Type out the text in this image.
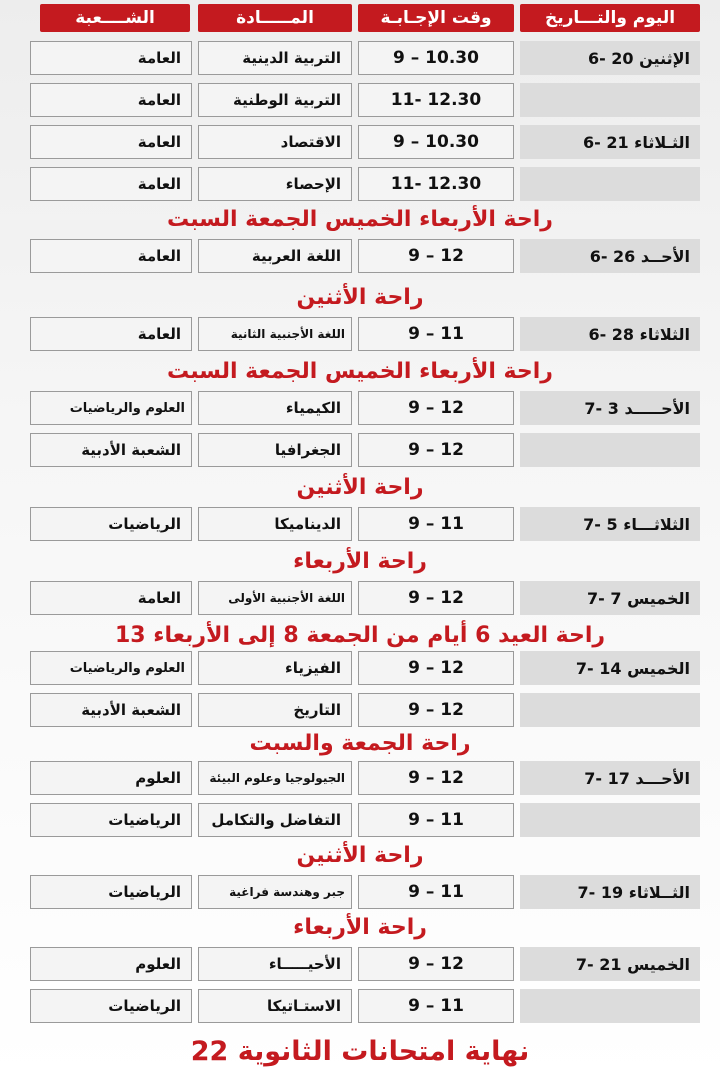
اليوم والتـــاريخ
وقت الإجـابـة
المـــــادة
الشــــعبة
الإثنين 20 -6
9 – 10.30
التربية الدينية
العامة
11- 12.30
التربية الوطنية
العامة
الثـلاثاء 21 -6
9 – 10.30
الاقتصاد
العامة
11- 12.30
الإحصاء
العامة
راحة الأربعاء الخميس الجمعة السبت
الأحــد 26 -6
9 – 12
اللغة العربية
العامة
راحة الأثنين
الثلاثاء 28 -6
9 – 11
اللغة الأجنبية الثانية
العامة
راحة الأربعاء الخميس الجمعة السبت
الأحـــــد 3 -7
9 – 12
الكيمياء
العلوم والرياضيات
9 – 12
الجغرافيا
الشعبة الأدبية
راحة الأثنين
الثلاثـــاء 5 -7
9 – 11
الديناميكا
الرياضيات
راحة الأربعاء
الخميس 7 -7
9 – 12
اللغة الأجنبية الأولى
العامة
راحة العيد 6 أيام من الجمعة 8 إلى الأربعاء 13
الخميس 14 -7
9 – 12
الفيزياء
العلوم والرياضيات
9 – 12
التاريخ
الشعبة الأدبية
راحة الجمعة والسبت
الأحـــد 17 -7
9 – 12
الجيولوجيا وعلوم البيئة
العلوم
9 – 11
التفاضل والتكامل
الرياضيات
راحة الأثنين
الثــلاثاء 19 -7
9 – 11
جبر وهندسة فراغية
الرياضيات
راحة الأربعاء
الخميس 21 -7
9 – 12
الأحيـــــاء
العلوم
9 – 11
الاستـاتيكا
الرياضيات
نهاية امتحانات الثانوية 22
